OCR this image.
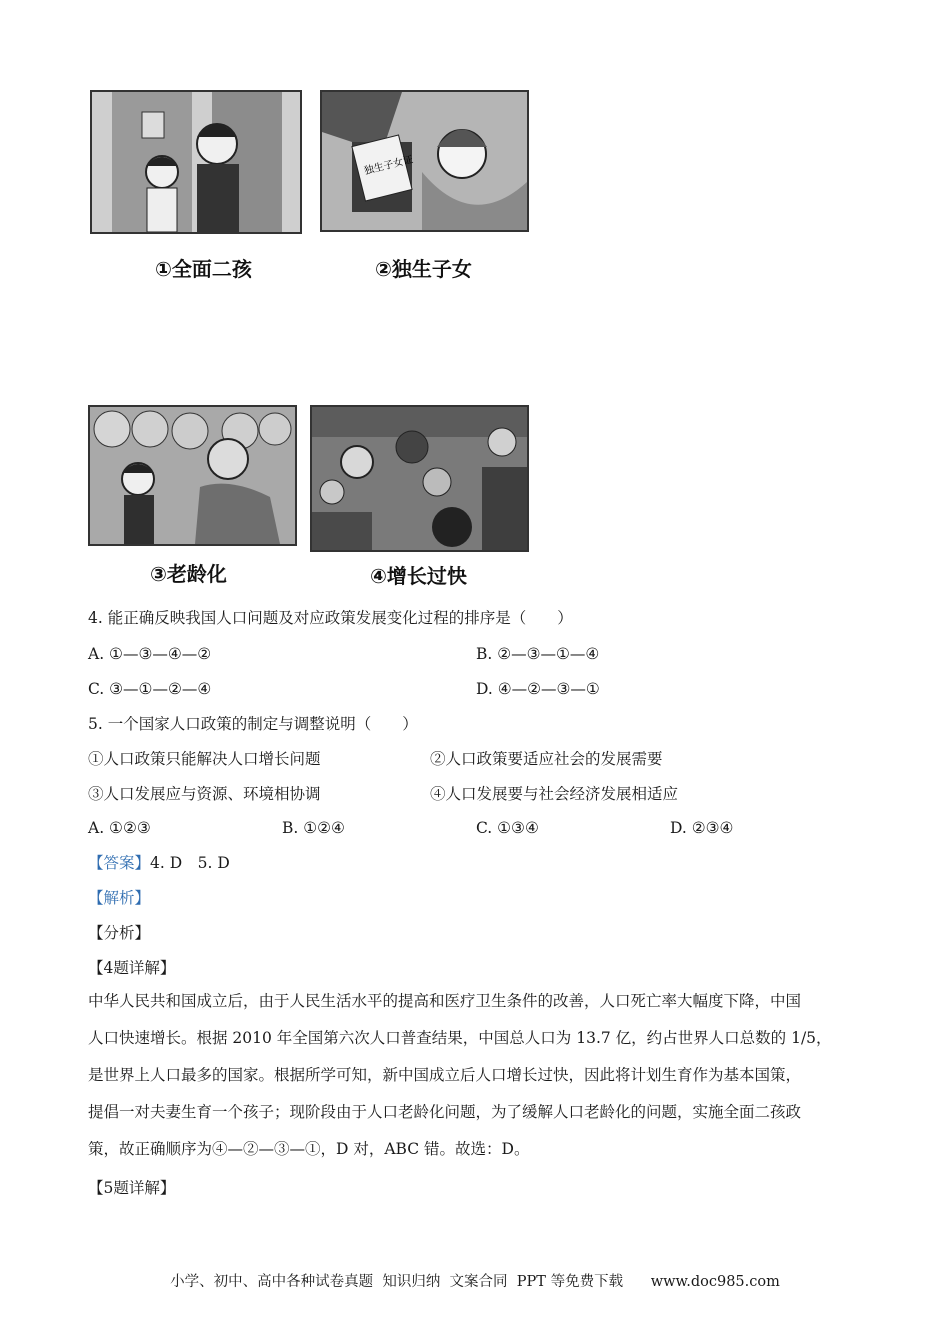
①全面二孩
独生子女证
②独生子女
③老龄化	④增长过快
4. 能正确反映我国人口问题及对应政策发展变化过程的排序是（　　）
A. ①—③—④—②	B. ②—③—①—④
C. ③—①—②—④	D. ④—②—③—①
5. 一个国家人口政策的制定与调整说明（　　）
①人口政策只能解决人口增长问题	②人口政策要适应社会的发展需要
③人口发展应与资源、环境相协调	④人口发展要与社会经济发展相适应
A. ①②③	B. ①②④	C. ①③④	D. ②③④
【答案】4. D　5. D
【解析】
【分析】
【4题详解】
中华人民共和国成立后，由于人民生活水平的提高和医疗卫生条件的改善，人口死亡率大幅度下降，中国
人口快速增长。根据 2010 年全国第六次人口普查结果，中国总人口为 13.7 亿，约占世界人口总数的 1/5，
是世界上人口最多的国家。根据所学可知，新中国成立后人口增长过快，因此将计划生育作为基本国策，
提倡一对夫妻生育一个孩子；现阶段由于人口老龄化问题，为了缓解人口老龄化的问题，实施全面二孩政
策，故正确顺序为④—②—③—①，D 对，ABC 错。故选：D。
【5题详解】
小学、初中、高中各种试卷真题  知识归纳  文案合同  PPT 等免费下载      www.doc985.com
